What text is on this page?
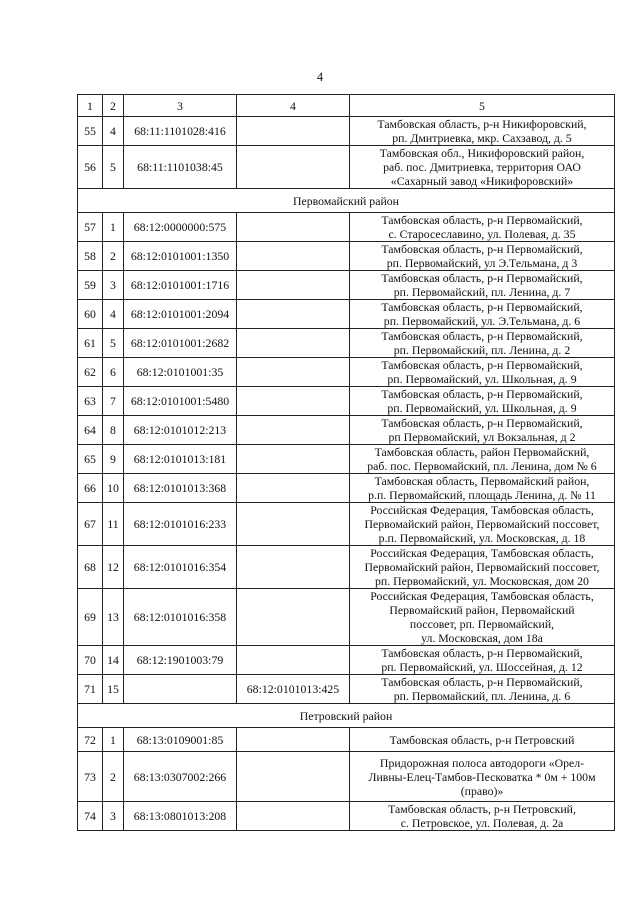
4
1	2	3	4	5
55	4	68:11:1101028:416		Тамбовская область, р-н Никифоровский,
рп. Дмитриевка, мкр. Сахзавод, д. 5

56	5	68:11:1101038:45		Тамбовская обл., Никифоровский район,
раб. пос. Дмитриевка, территория ОАО
«Сахарный завод «Никифоровский»

Первомайский район				
57	1	68:12:0000000:575		Тамбовская область, р-н Первомайский,
с. Старосеславино, ул. Полевая, д. 35

58	2	68:12:0101001:1350		Тамбовская область, р-н Первомайский,
рп. Первомайский, ул Э.Тельмана, д 3

59	3	68:12:0101001:1716		Тамбовская область, р-н Первомайский,
рп. Первомайский, пл. Ленина, д. 7

60	4	68:12:0101001:2094		Тамбовская область, р-н Первомайский,
рп. Первомайский, ул. Э.Тельмана, д. 6

61	5	68:12:0101001:2682		Тамбовская область, р-н Первомайский,
рп. Первомайский, пл. Ленина, д. 2

62	6	68:12:0101001:35		Тамбовская область, р-н Первомайский,
рп. Первомайский, ул. Школьная, д. 9

63	7	68:12:0101001:5480		Тамбовская область, р-н Первомайский,
рп. Первомайский, ул. Школьная, д. 9

64	8	68:12:0101012:213		Тамбовская область, р-н Первомайский,
рп Первомайский, ул Вокзальная, д 2

65	9	68:12:0101013:181		Тамбовская область, район Первомайский,
раб. пос. Первомайский, пл. Ленина, дом № 6

66	10	68:12:0101013:368		Тамбовская область, Первомайский район,
р.п. Первомайский, площадь Ленина, д. № 11

67	11	68:12:0101016:233		Российская Федерация, Тамбовская область,
Первомайский район, Первомайский поссовет,
р.п. Первомайский, ул. Московская, д. 18

68	12	68:12:0101016:354		Российская Федерация, Тамбовская область,
Первомайский район, Первомайский поссовет,
рп. Первомайский, ул. Московская, дом 20

69	13	68:12:0101016:358		Российская Федерация, Тамбовская область,
Первомайский район, Первомайский
поссовет, рп. Первомайский,
ул. Московская, дом 18а

70	14	68:12:1901003:79		Тамбовская область, р-н Первомайский,
рп. Первомайский, ул. Шоссейная, д. 12

71	15		68:12:0101013:425	Тамбовская область, р-н Первомайский,
рп. Первомайский, пл. Ленина, д. 6

Петровский район				
72	1	68:13:0109001:85		Тамбовская область, р-н Петровский

73	2	68:13:0307002:266		Придорожная полоса автодороги «Орел-
Ливны-Елец-Тамбов-Песковатка * 0м + 100м
(право)»

74	3	68:13:0801013:208		Тамбовская область, р-н Петровский,
с. Петровское, ул. Полевая, д. 2а
